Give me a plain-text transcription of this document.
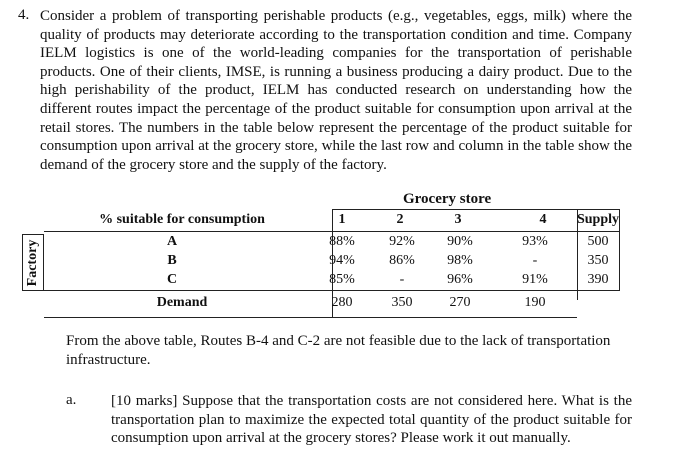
4. Consider a problem of transporting perishable products (e.g., vegetables, eggs, milk) where the quality of products may deteriorate according to the transportation condition and time. Company IELM logistics is one of the world-leading companies for the transportation of perishable products. One of their clients, IMSE, is running a business producing a dairy product. Due to the high perishability of the product, IELM has conducted research on understanding how the different routes impact the percentage of the product suitable for consumption upon arrival at the retail stores. The numbers in the table below represent the percentage of the product suitable for consumption upon arrival at the grocery store, while the last row and column in the table show the demand of the grocery store and the supply of the factory.

Grocery store
Factory
% suitable for consumption	1	2	3	4	Supply
A	88%	92%	90%	93%	500
B	94%	86%	98%	-	350
C	85%	-	96%	91%	390
Demand	280	350	270	190

From the above table, Routes B-4 and C-2 are not feasible due to the lack of transportation infrastructure.

a. [10 marks] Suppose that the transportation costs are not considered here. What is the transportation plan to maximize the expected total quantity of the product suitable for consumption upon arrival at the grocery stores? Please work it out manually.
